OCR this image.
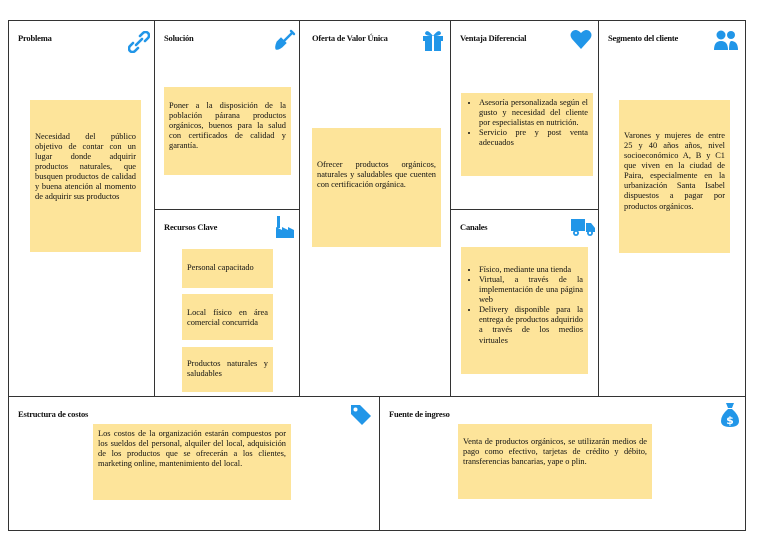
Problema
Necesidad del público objetivo de contar con un lugar donde adquirir productos naturales, que busquen productos de calidad y buena atención al momento de adquirir sus productos
Solución
Poner a la disposición de la población páırana productos orgánicos, buenos para la salud con certificados de calidad y garantía.
Recursos Clave
Personal capacitado
Local físico en área comercial concurrida
Productos naturales y saludables
Oferta de Valor Única
Ofrecer productos orgánicos, naturales y saludables que cuenten con certificación orgánica.
Ventaja Diferencial
• Asesoría personalizada según el gusto y necesidad del cliente por especialistas en nutrición.
• Servicio pre y post venta adecuados
Canales
• Físico, mediante una tienda
• Virtual, a través de la implementación de una página web
• Delivery disponible para la entrega de productos adquirido a través de los medios virtuales
Segmento del cliente
Varones y mujeres de entre 25 y 40 años años, nivel socioeconómico A, B y C1 que viven en la ciudad de Paira, especialmente en la urbanización Santa Isabel dispuestos a pagar por productos orgánicos.
Estructura de costos
Los costos de la organización estarán compuestos por los sueldos del personal, alquiler del local, adquisición de los productos que se ofrecerán a los clientes, marketing online, mantenimiento del local.
Fuente de ingreso	$
Venta de productos orgánicos, se utilizarán medios de pago como efectivo, tarjetas de crédito y débito, transferencias bancarias, yape o plin.
